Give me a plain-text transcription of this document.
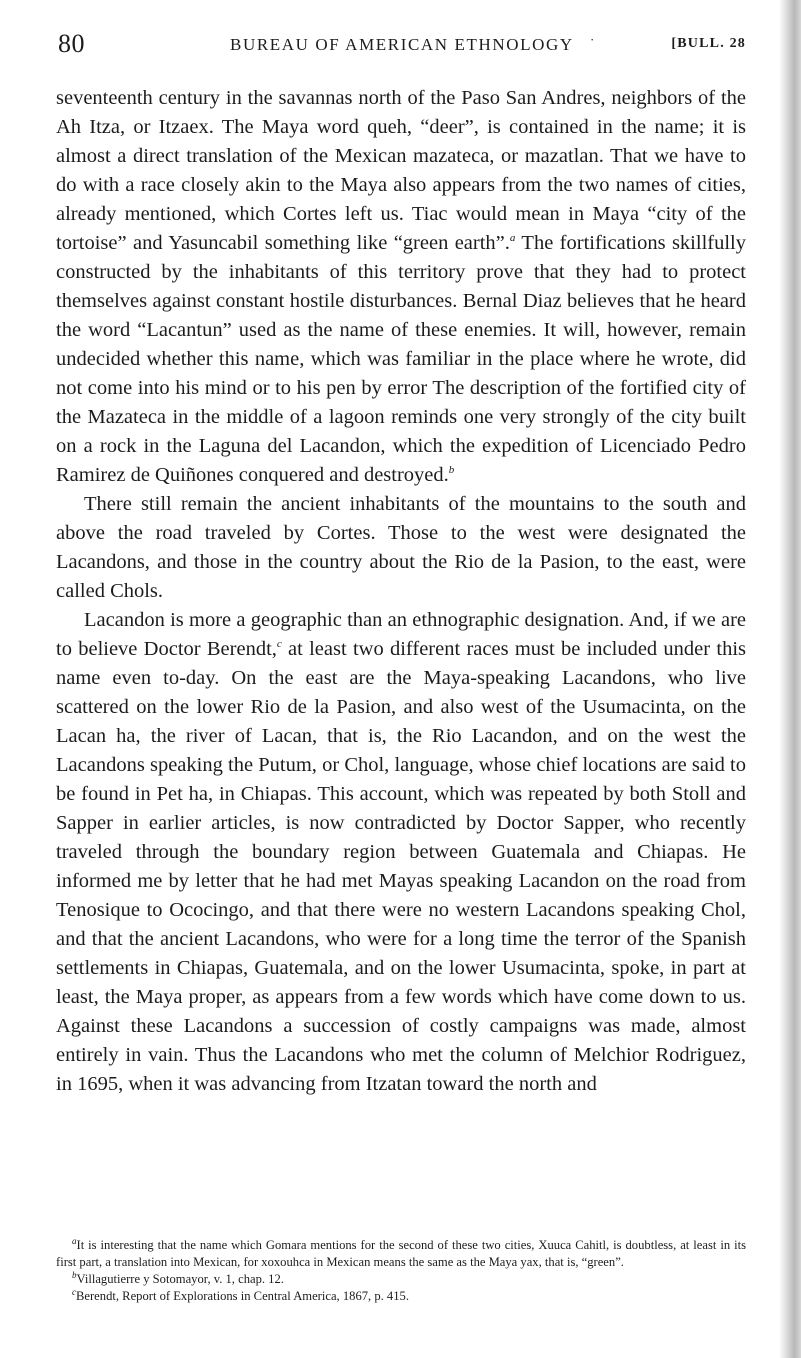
80	BUREAU OF AMERICAN ETHNOLOGY ·	[BULL. 28

seventeenth century in the savannas north of the Paso San Andres, neighbors of the Ah Itza, or Itzaex. The Maya word queh, “deer”, is contained in the name; it is almost a direct translation of the Mexican mazateca, or mazatlan. That we have to do with a race closely akin to the Maya also appears from the two names of cities, already mentioned, which Cortes left us. Tiac would mean in Maya “city of the tortoise” and Yasuncabil something like “green earth”.$^a$ The fortifications skillfully constructed by the inhabitants of this territory prove that they had to protect themselves against constant hostile disturbances. Bernal Diaz believes that he heard the word “Lacantun” used as the name of these enemies. It will, however, remain undecided whether this name, which was familiar in the place where he wrote, did not come into his mind or to his pen by error The description of the fortified city of the Mazateca in the middle of a lagoon reminds one very strongly of the city built on a rock in the Laguna del Lacandon, which the expedition of Licenciado Pedro Ramirez de Quiñones conquered and destroyed.$^b$

There still remain the ancient inhabitants of the mountains to the south and above the road traveled by Cortes. Those to the west were designated the Lacandons, and those in the country about the Rio de la Pasion, to the east, were called Chols.

Lacandon is more a geographic than an ethnographic designation. And, if we are to believe Doctor Berendt,$^c$ at least two different races must be included under this name even to-day. On the east are the Maya-speaking Lacandons, who live scattered on the lower Rio de la Pasion, and also west of the Usumacinta, on the Lacan ha, the river of Lacan, that is, the Rio Lacandon, and on the west the Lacandons speaking the Putum, or Chol, language, whose chief locations are said to be found in Pet ha, in Chiapas. This account, which was repeated by both Stoll and Sapper in earlier articles, is now contradicted by Doctor Sapper, who recently traveled through the boundary region between Guatemala and Chiapas. He informed me by letter that he had met Mayas speaking Lacandon on the road from Tenosique to Ococingo, and that there were no western Lacandons speaking Chol, and that the ancient Lacandons, who were for a long time the terror of the Spanish settlements in Chiapas, Guatemala, and on the lower Usumacinta, spoke, in part at least, the Maya proper, as appears from a few words which have come down to us. Against these Lacandons a succession of costly campaigns was made, almost entirely in vain. Thus the Lacandons who met the column of Melchior Rodriguez, in 1695, when it was advancing from Itzatan toward the north and

$^a$It is interesting that the name which Gomara mentions for the second of these two cities, Xuuca Cahitl, is doubtless, at least in its first part, a translation into Mexican, for xoxouhca in Mexican means the same as the Maya yax, that is, “green”.

$^b$Villagutierre y Sotomayor, v. 1, chap. 12.

$^c$Berendt, Report of Explorations in Central America, 1867, p. 415.
